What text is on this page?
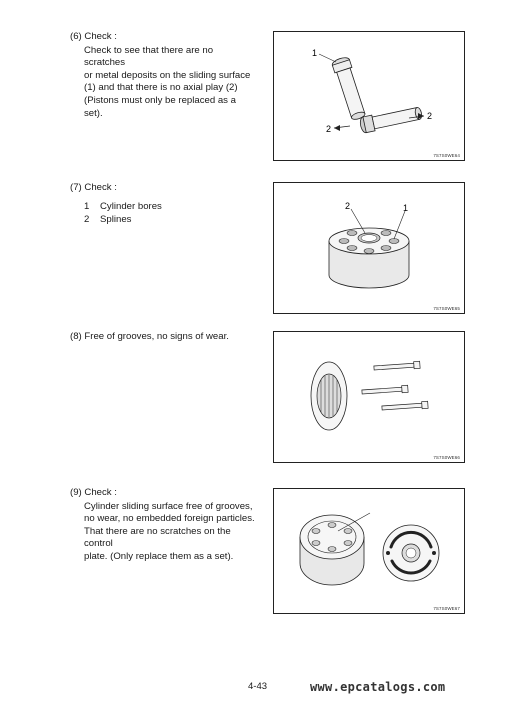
(6) Check :
Check to see that there are no scratches
or metal deposits on the sliding surface
(1) and that there is no axial play (2)
(Pistons must only be replaced as a set).
1
2
2
7S7S0WE64
(7) Check :
1	Cylinder bores
2	Splines
2	1
7S7S0WE65
(8) Free of grooves, no signs of wear.
7S7S0WE66
(9) Check :
Cylinder sliding surface free of grooves,
no wear, no embedded foreign particles.
That there are no scratches on the control
plate. (Only replace them as a set).
7S7S0WE67
4-43	www.epcatalogs.com
